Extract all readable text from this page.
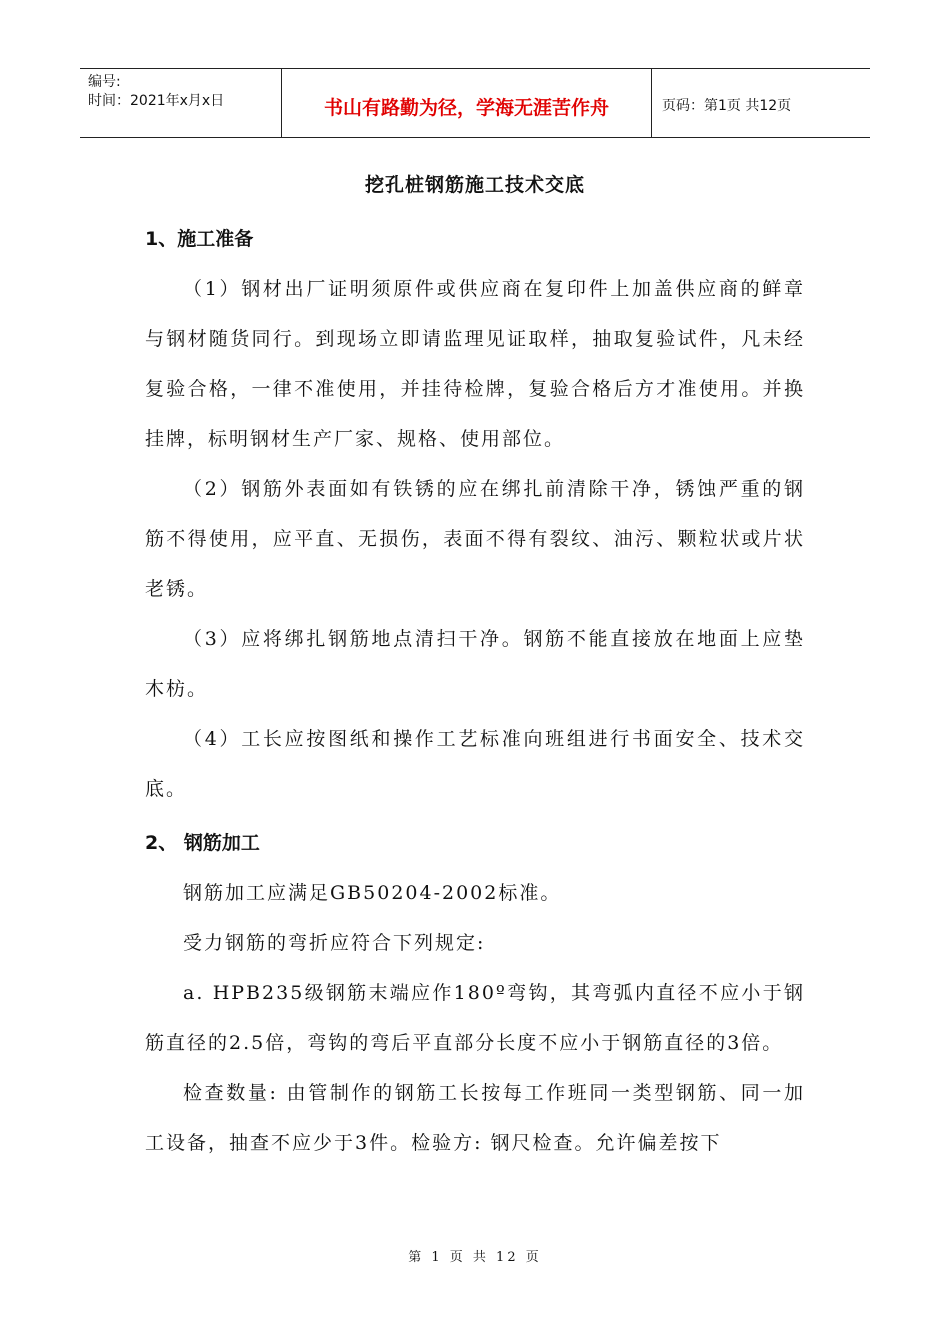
编号:
时间：2021年x月x日	书山有路勤为径，学海无涯苦作舟	页码：第1页 共12页
挖孔桩钢筋施工技术交底
1、施工准备

（1）钢材出厂证明须原件或供应商在复印件上加盖供应商的鲜章与钢材随货同行。到现场立即请监理见证取样，抽取复验试件，凡未经复验合格，一律不准使用，并挂待检牌，复验合格后方才准使用。并换挂牌，标明钢材生产厂家、规格、使用部位。

（2）钢筋外表面如有铁锈的应在绑扎前清除干净，锈蚀严重的钢筋不得使用，应平直、无损伤，表面不得有裂纹、油污、颗粒状或片状老锈。

（3）应将绑扎钢筋地点清扫干净。钢筋不能直接放在地面上应垫木枋。

（4）工长应按图纸和操作工艺标准向班组进行书面安全、技术交底。

2、 钢筋加工

钢筋加工应满足GB50204-2002标准。

受力钢筋的弯折应符合下列规定:

a. HPB235级钢筋末端应作180º弯钩，其弯弧内直径不应小于钢筋直径的2.5倍，弯钩的弯后平直部分长度不应小于钢筋直径的3倍。

检查数量: 由管制作的钢筋工长按每工作班同一类型钢筋、同一加工设备，抽查不应少于3件。检验方: 钢尺检查。允许偏差按下

第 1 页 共 12 页
